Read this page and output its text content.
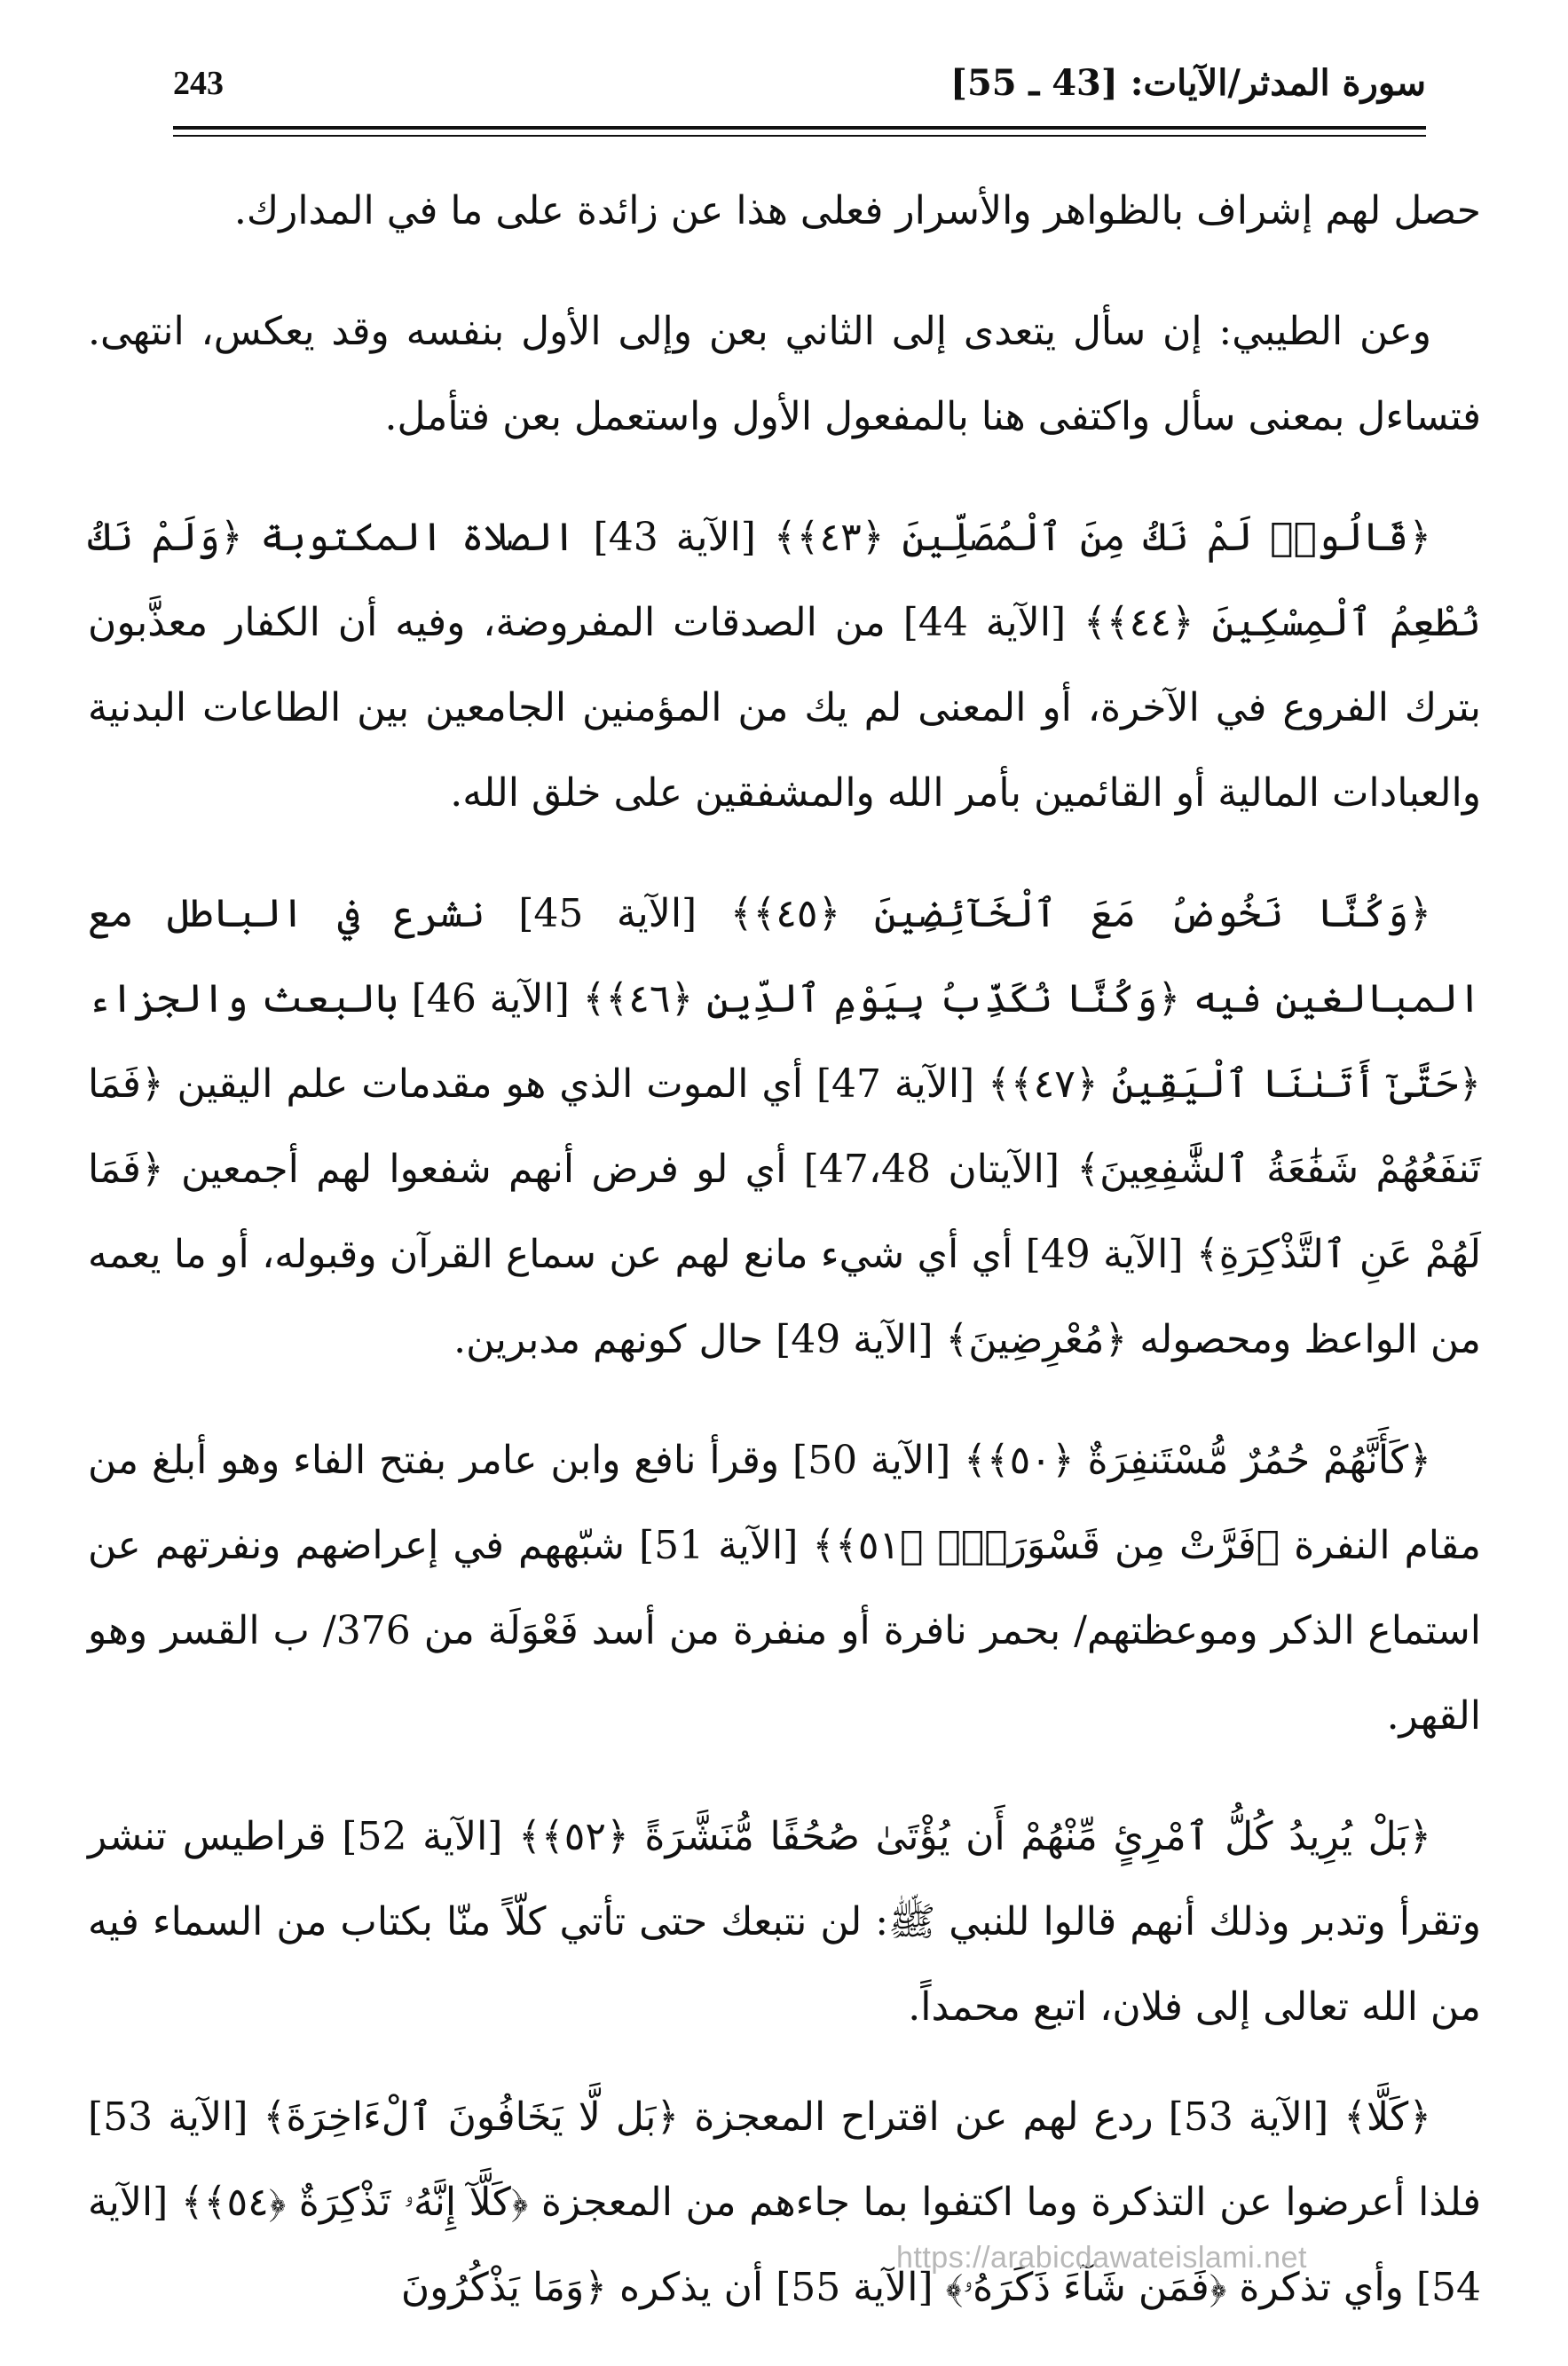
سورة المدثر/الآيات: [43 ـ 55]
243

حصل لهم إشراف بالظواهر والأسرار فعلى هذا عن زائدة على ما في المدارك.

وعن الطيبي: إن سأل يتعدى إلى الثاني بعن وإلى الأول بنفسه وقد يعكس، انتهى. فتساءل بمعنى سأل واكتفى هنا بالمفعول الأول واستعمل بعن فتأمل.

﴿قَالُوا۟ لَمْ نَكُ مِنَ ٱلْمُصَلِّينَ ﴿٤٣﴾﴾ [الآية 43] الصلاة المكتوبة ﴿وَلَمْ نَكُ نُطْعِمُ ٱلْمِسْكِينَ ﴿٤٤﴾﴾ [الآية 44] من الصدقات المفروضة، وفيه أن الكفار معذَّبون بترك الفروع في الآخرة، أو المعنى لم يك من المؤمنين الجامعين بين الطاعات البدنية والعبادات المالية أو القائمين بأمر الله والمشفقين على خلق الله.

﴿وَكُنَّا نَخُوضُ مَعَ ٱلْخَآئِضِينَ ﴿٤٥﴾﴾ [الآية 45] نشرع في الباطل مع المبالغين فيه ﴿وَكُنَّا نُكَذِّبُ بِيَوْمِ ٱلدِّينِ ﴿٤٦﴾﴾ [الآية 46] بالبعث والجزاء ﴿حَتَّىٰٓ أَتَىٰنَا ٱلْيَقِينُ ﴿٤٧﴾﴾ [الآية 47] أي الموت الذي هو مقدمات علم اليقين ﴿فَمَا تَنفَعُهُمْ شَفَٰعَةُ ٱلشَّٰفِعِينَ﴾ [الآيتان 47،48] أي لو فرض أنهم شفعوا لهم أجمعين ﴿فَمَا لَهُمْ عَنِ ٱلتَّذْكِرَةِ﴾ [الآية 49] أي أي شيء مانع لهم عن سماع القرآن وقبوله، أو ما يعمه من الواعظ ومحصوله ﴿مُعْرِضِينَ﴾ [الآية 49] حال كونهم مدبرين.

﴿كَأَنَّهُمْ حُمُرٌ مُّسْتَنفِرَةٌ ﴿٥٠﴾﴾ [الآية 50] وقرأ نافع وابن عامر بفتح الفاء وهو أبلغ من مقام النفرة ﴿فَرَّتْ مِن قَسْوَرَةٍۭ ﴿٥١﴾﴾ [الآية 51] شبّههم في إعراضهم ونفرتهم عن استماع الذكر وموعظتهم/ بحمر نافرة أو منفرة من أسد فَعْوَلَة من 376/ ب القسر وهو القهر.

﴿بَلْ يُرِيدُ كُلُّ ٱمْرِئٍ مِّنْهُمْ أَن يُؤْتَىٰ صُحُفًا مُّنَشَّرَةً ﴿٥٢﴾﴾ [الآية 52] قراطيس تنشر وتقرأ وتدبر وذلك أنهم قالوا للنبي ﷺ: لن نتبعك حتى تأتي كلّاً منّا بكتاب من السماء فيه من الله تعالى إلى فلان، اتبع محمداً.

﴿كَلَّا﴾ [الآية 53] ردع لهم عن اقتراح المعجزة ﴿بَل لَّا يَخَافُونَ ٱلْءَاخِرَةَ﴾ [الآية 53] فلذا أعرضوا عن التذكرة وما اكتفوا بما جاءهم من المعجزة ﴿كَلَّآ إِنَّهُۥ تَذْكِرَةٌ ﴿٥٤﴾﴾ [الآية 54] وأي تذكرة ﴿فَمَن شَآءَ ذَكَرَهُۥ﴾ [الآية 55] أن يذكره ﴿وَمَا يَذْكُرُونَ

https://arabicdawateislami.net
